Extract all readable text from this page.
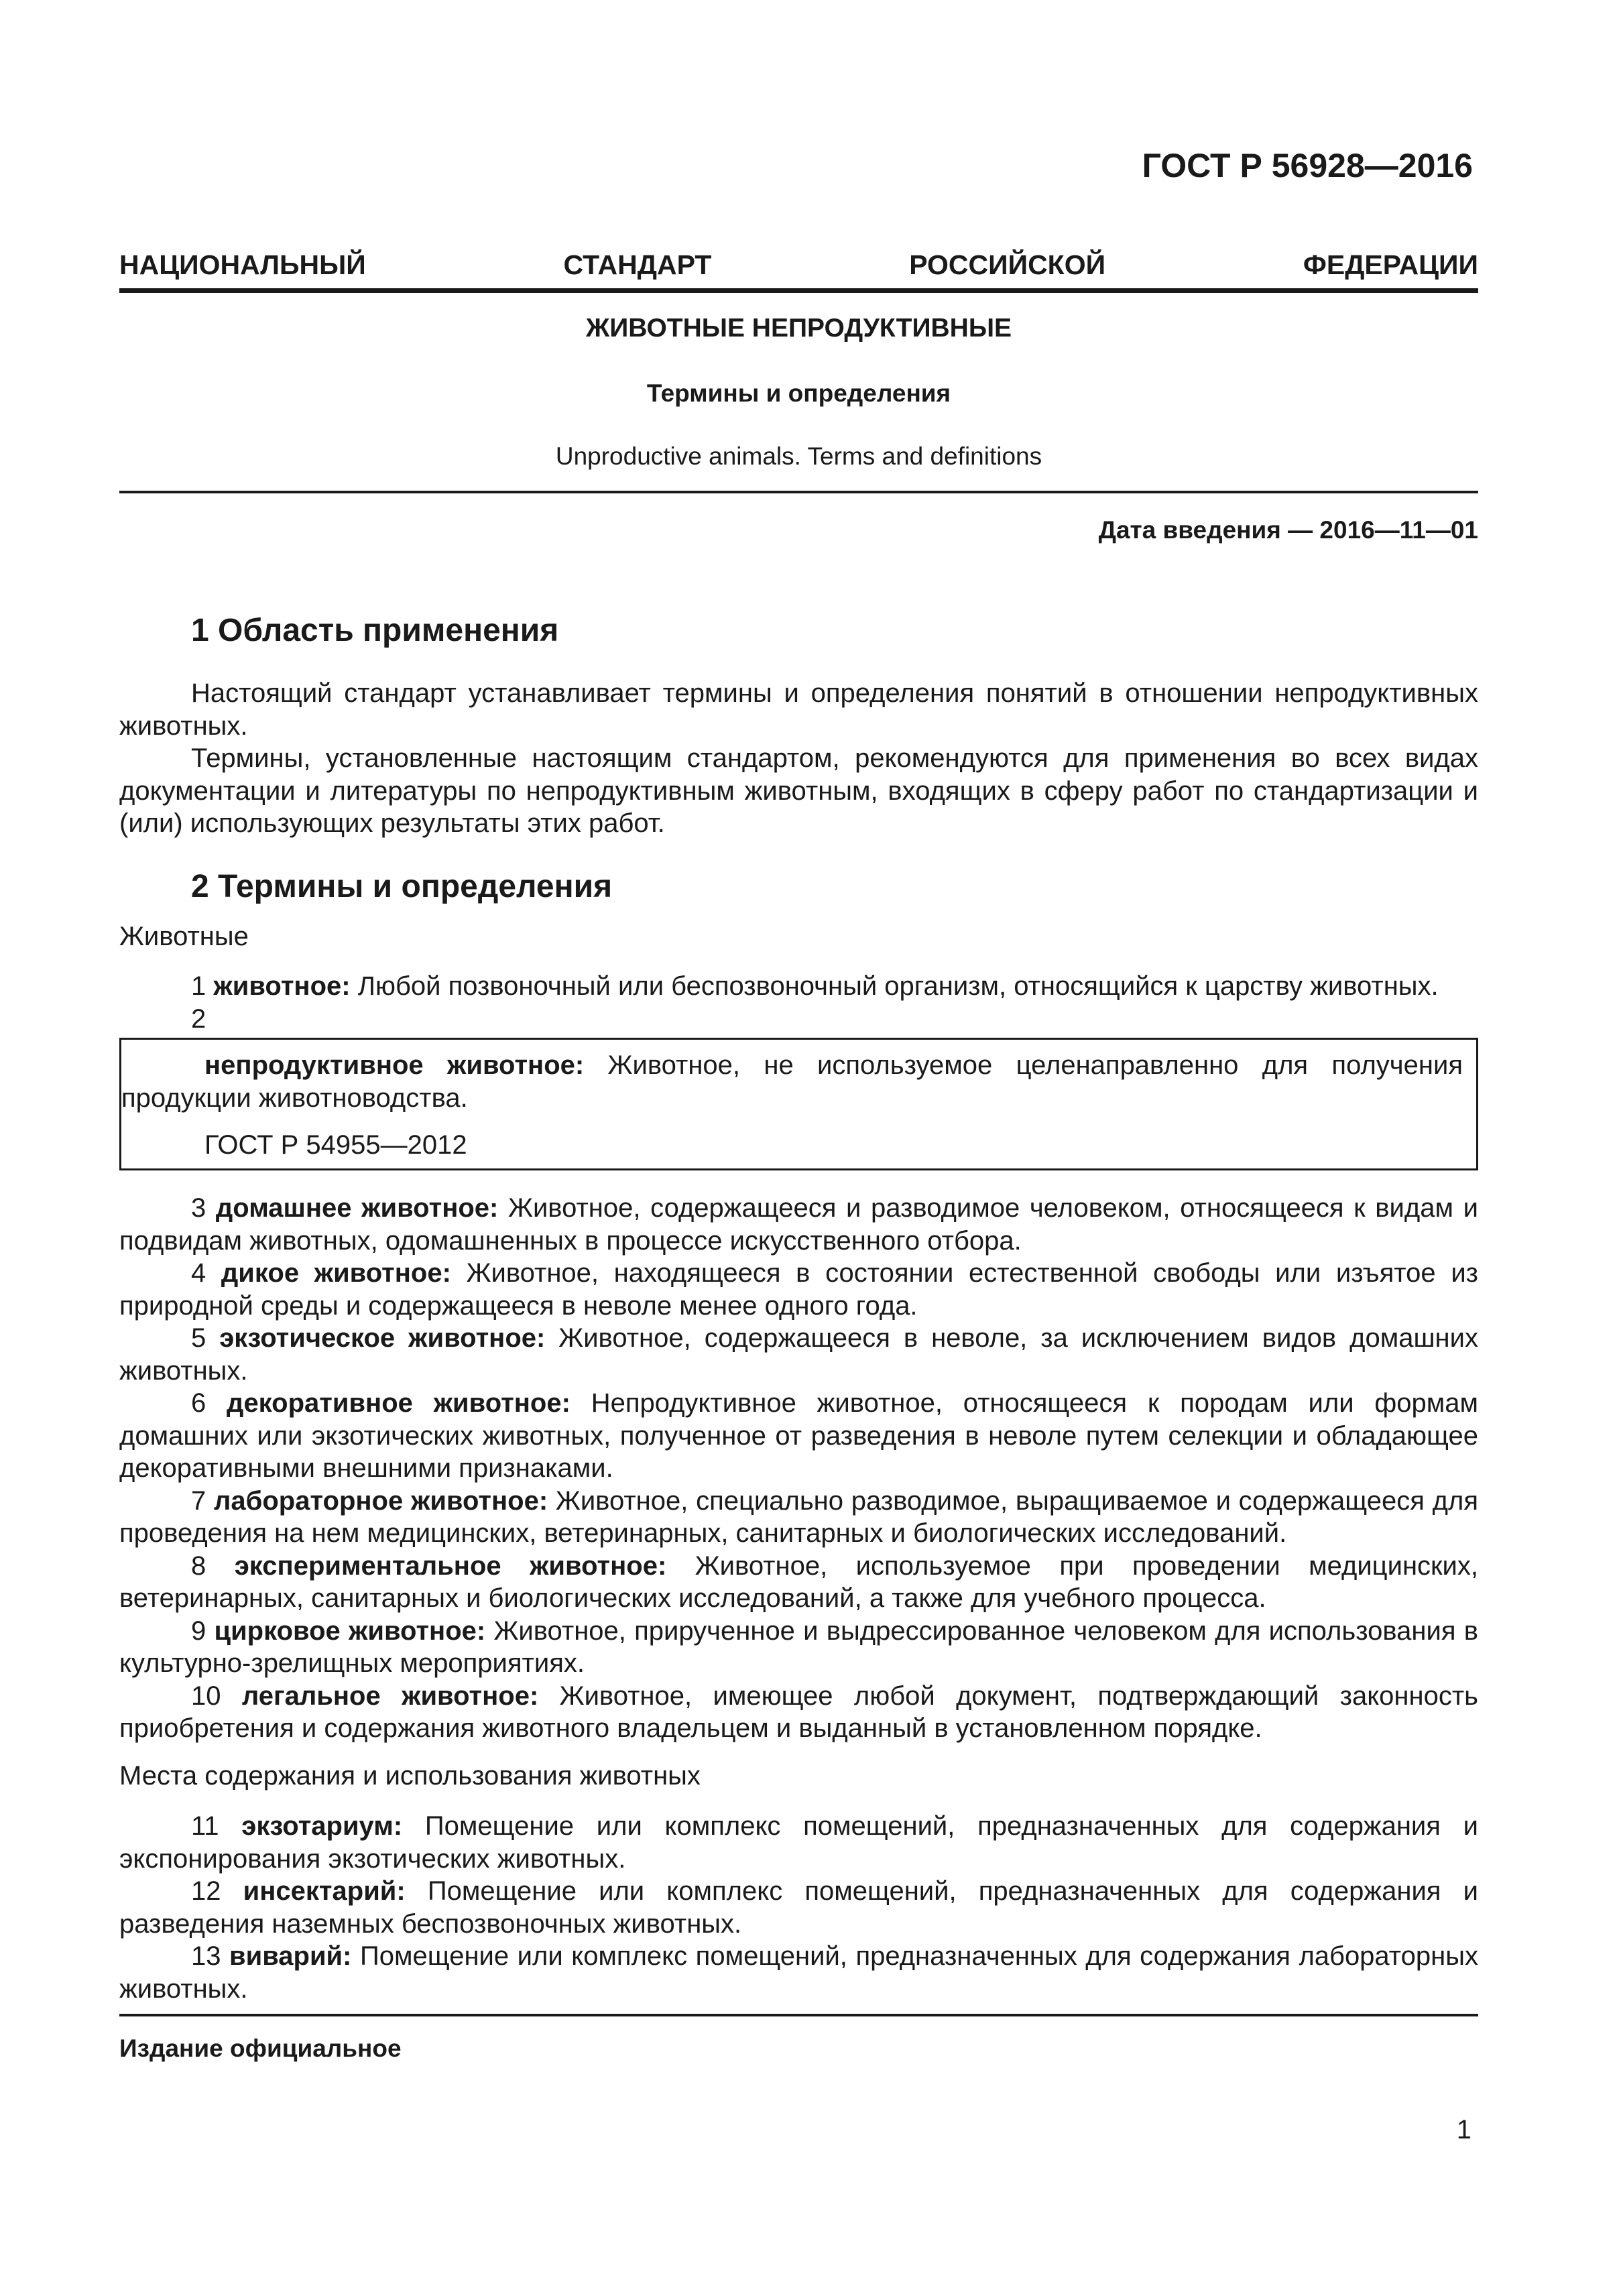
ГОСТ Р 56928—2016
НАЦИОНАЛЬНЫЙ СТАНДАРТ РОССИЙСКОЙ ФЕДЕРАЦИИ
ЖИВОТНЫЕ НЕПРОДУКТИВНЫЕ
Термины и определения
Unproductive animals. Terms and definitions
Дата введения — 2016—11—01
1 Область применения

Настоящий стандарт устанавливает термины и определения понятий в отношении непродуктивных животных.

Термины, установленные настоящим стандартом, рекомендуются для применения во всех видах документации и литературы по непродуктивным животным, входящих в сферу работ по стандартизации и (или) использующих результаты этих работ.

2 Термины и определения

Животные

1 животное: Любой позвоночный или беспозвоночный организм, относящийся к царству животных.

2

непродуктивное животное: Животное, не используемое целенаправленно для получения продукции животноводства.

ГОСТ Р 54955—2012

3 домашнее животное: Животное, содержащееся и разводимое человеком, относящееся к видам и подвидам животных, одомашненных в процессе искусственного отбора.

4 дикое животное: Животное, находящееся в состоянии естественной свободы или изъятое из природной среды и содержащееся в неволе менее одного года.

5 экзотическое животное: Животное, содержащееся в неволе, за исключением видов домашних животных.

6 декоративное животное: Непродуктивное животное, относящееся к породам или формам домашних или экзотических животных, полученное от разведения в неволе путем селекции и обладающее декоративными внешними признаками.

7 лабораторное животное: Животное, специально разводимое, выращиваемое и содержащееся для проведения на нем медицинских, ветеринарных, санитарных и биологических исследований.

8 экспериментальное животное: Животное, используемое при проведении медицинских, ветеринарных, санитарных и биологических исследований, а также для учебного процесса.

9 цирковое животное: Животное, прирученное и выдрессированное человеком для использования в культурно-зрелищных мероприятиях.

10 легальное животное: Животное, имеющее любой документ, подтверждающий законность приобретения и содержания животного владельцем и выданный в установленном порядке.

Места содержания и использования животных

11 экзотариум: Помещение или комплекс помещений, предназначенных для содержания и экспонирования экзотических животных.

12 инсектарий: Помещение или комплекс помещений, предназначенных для содержания и разведения наземных беспозвоночных животных.

13 виварий: Помещение или комплекс помещений, предназначенных для содержания лабораторных животных.

Издание официальное
1
